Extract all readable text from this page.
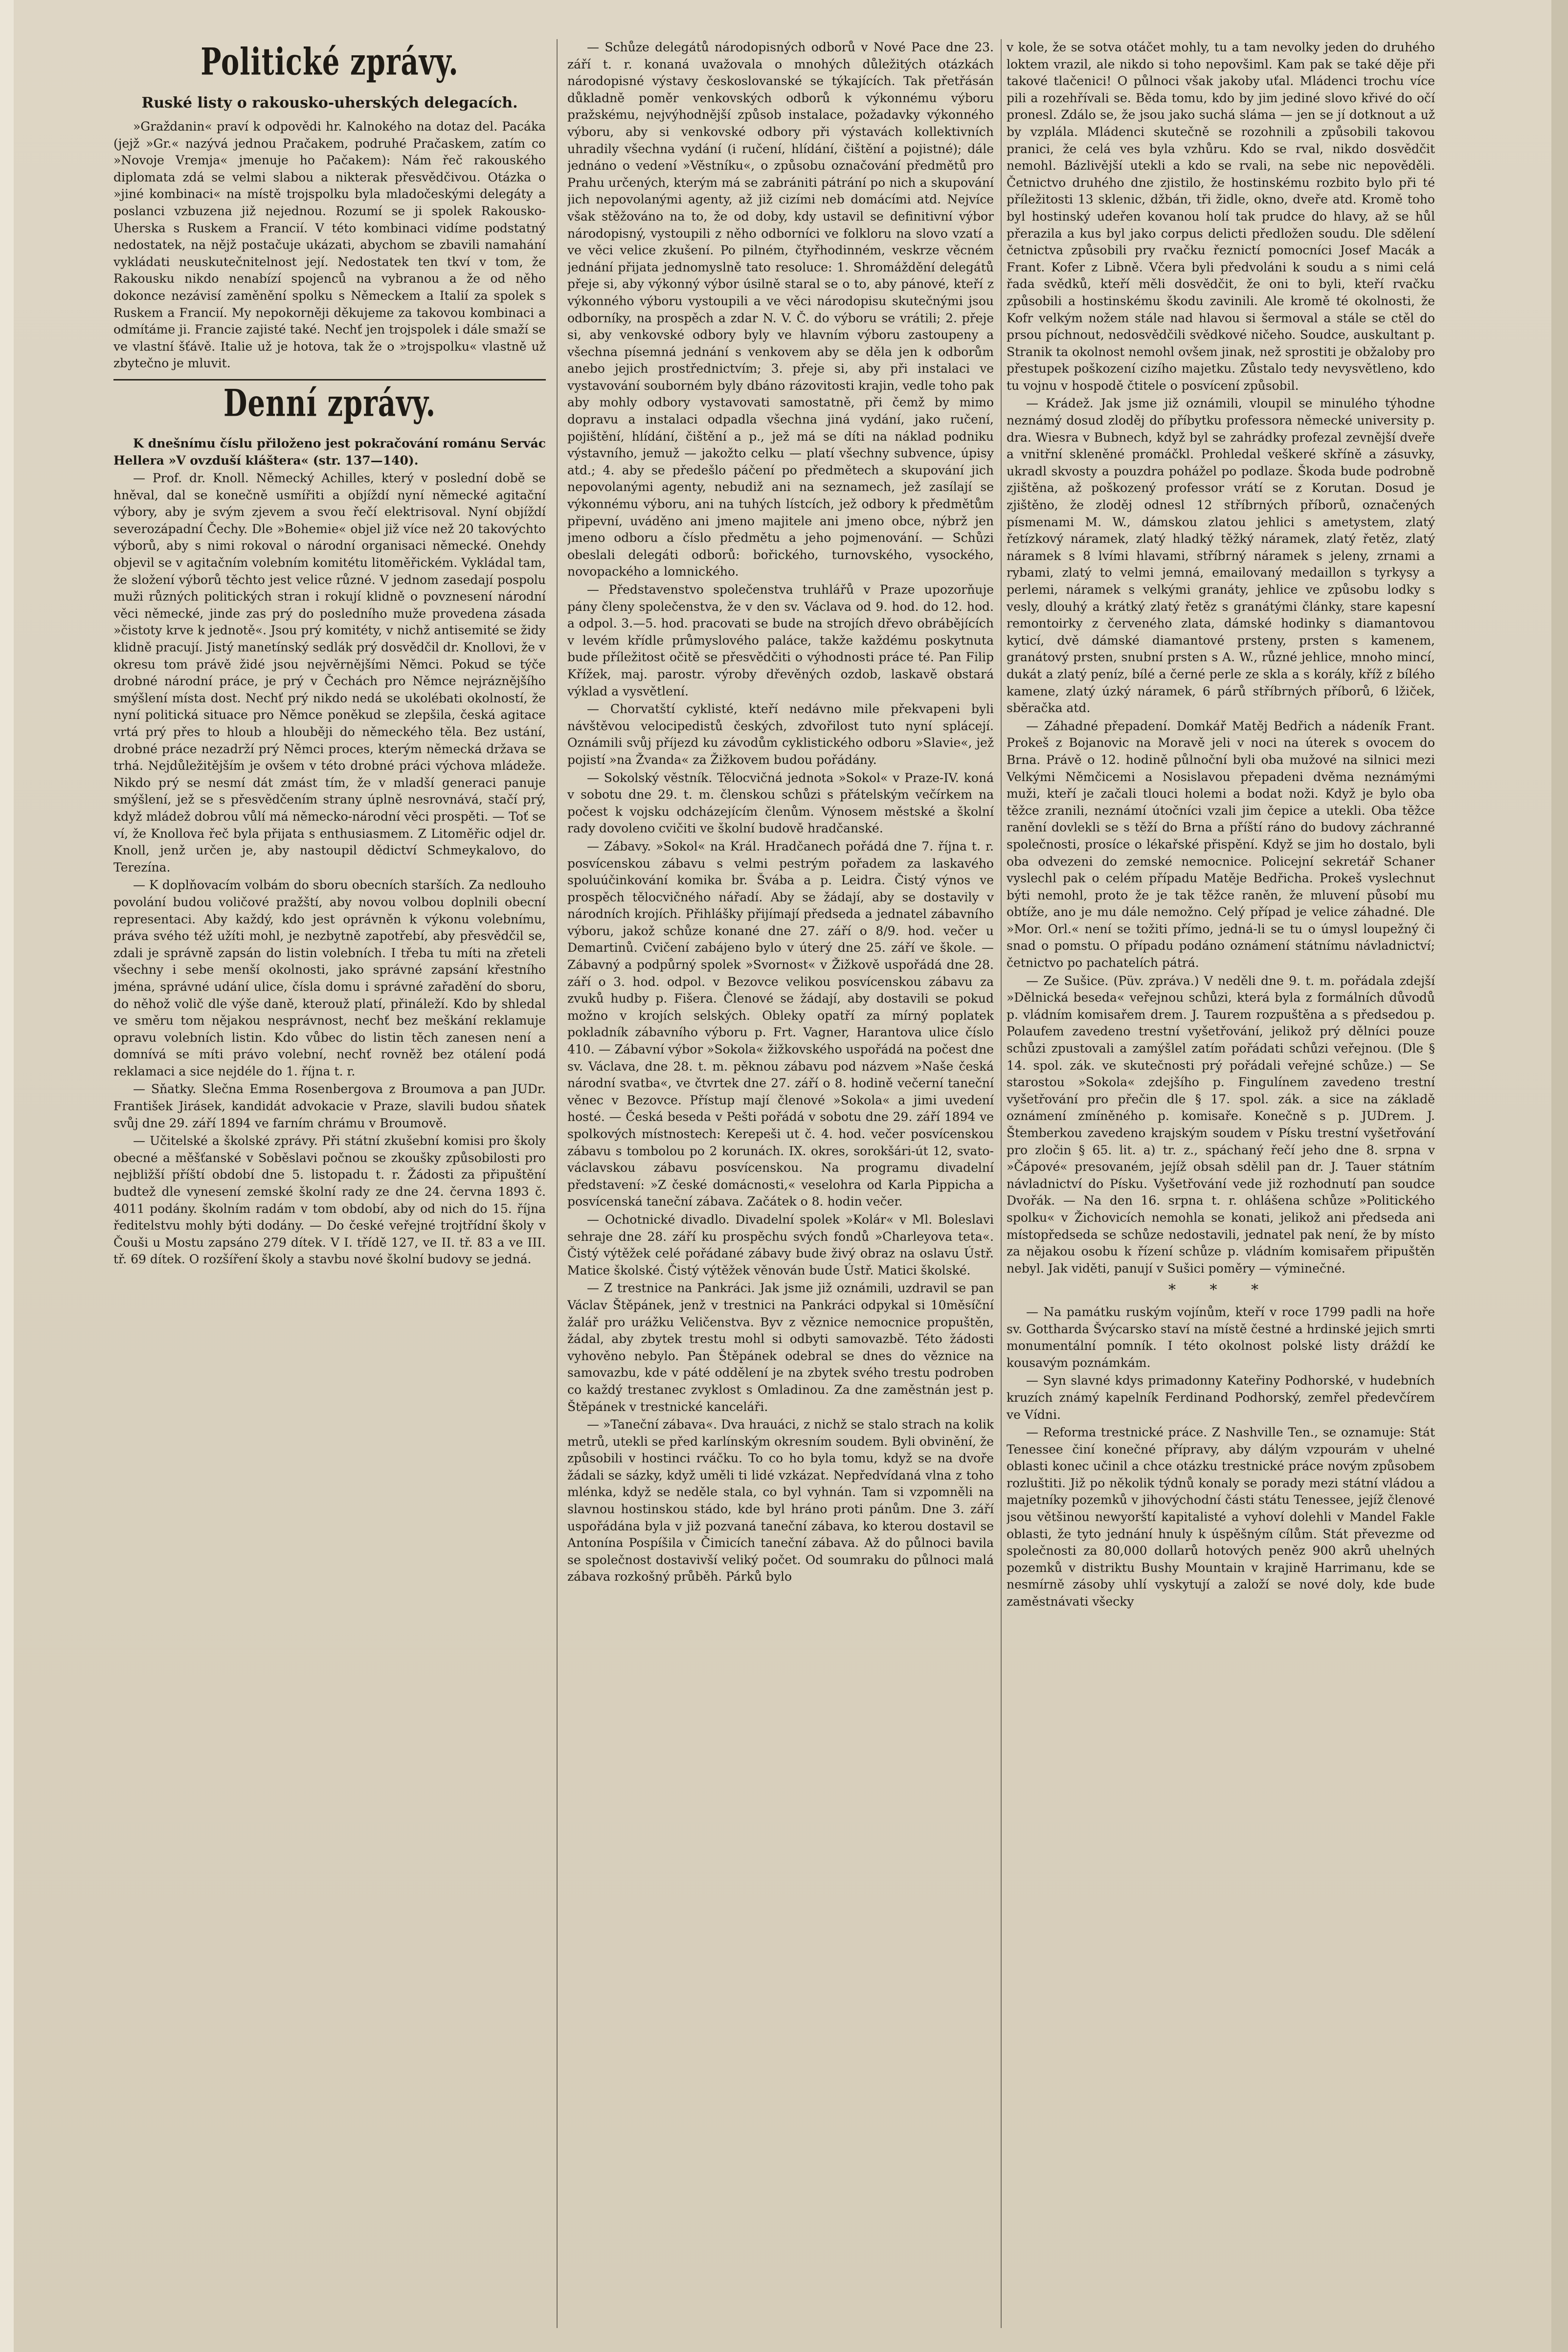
Politické zprávy.
Ruské listy o rakousko-uherských delegacích.

»Graždanin« praví k odpovědi hr. Kalnokého na dotaz del. Pacáka (jejž »Gr.« nazývá jednou Pračakem, podruhé Pračaskem, zatím co »Novoje Vremja« jmenuje ho Pačakem): Nám řeč rakouského diplomata zdá se velmi slabou a nikterak přesvědčivou. Otázka o »jiné kombinaci« na místě trojspolku byla mladočeskými delegáty a poslanci vzbuzena již nejednou. Rozumí se ji spolek Rakousko-Uherska s Ruskem a Francií. V této kombinaci vidíme podstatný nedostatek, na nějž postačuje ukázati, abychom se zbavili namahání vykládati neuskutečnitelnost její. Nedostatek ten tkví v tom, že Rakousku nikdo nenabízí spojenců na vybranou a že od něho dokonce nezávisí zaměnění spolku s Německem a Italií za spolek s Ruskem a Francií. My nepokorněji děkujeme za takovou kombinaci a odmítáme ji. Francie zajisté také. Nechť jen trojspolek i dále smaží se ve vlastní šťávě. Italie už je hotova, tak že o »trojspolku« vlastně už zbytečno je mluvit.

Denní zprávy.

K dnešnímu číslu přiloženo jest pokračování románu Servác Hellera »V ovzduší kláštera« (str. 137—140).

— Prof. dr. Knoll. Německý Achilles, který v poslední době se hněval, dal se konečně usmířiti a objíždí nyní německé agitační výbory, aby je svým zjevem a svou řečí elektrisoval. Nyní objíždí severozápadní Čechy. Dle »Bohemie« objel již více než 20 takovýchto výborů, aby s nimi rokoval o národní organisaci německé. Onehdy objevil se v agitačním volebním komitétu litoměřickém. Vykládal tam, že složení výborů těchto jest velice různé. V jednom zasedají pospolu muži různých politických stran i rokují klidně o povznesení národní věci německé, jinde zas prý do posledního muže provedena zásada »čistoty krve k jednotě«. Jsou prý komitéty, v nichž antisemité se židy klidně pracují. Jistý manetínský sedlák prý dosvědčil dr. Knollovi, že v okresu tom právě židé jsou nejvěrnějšími Němci. Pokud se týče drobné národní práce, je prý v Čechách pro Němce nejráznějšího smýšlení místa dost. Nechť prý nikdo nedá se ukolébati okolností, že nyní politická situace pro Němce poněkud se zlepšila, česká agitace vrtá prý přes to hloub a hlouběji do německého těla. Bez ustání, drobné práce nezadrží prý Němci proces, kterým německá država se trhá. Nejdůležitějším je ovšem v této drobné práci výchova mládeže. Nikdo prý se nesmí dát zmást tím, že v mladší generaci panuje smýšlení, jež se s přesvědčením strany úplně nesrovnává, stačí prý, když mládež dobrou vůlí má německo-národní věci prospěti. — Toť se ví, že Knollova řeč byla přijata s enthusiasmem. Z Litoměřic odjel dr. Knoll, jenž určen je, aby nastoupil dědictví Schmeykalovo, do Terezína.

— K doplňovacím volbám do sboru obecních starších. Za nedlouho povolání budou voličové pražští, aby novou volbou doplnili obecní representaci. Aby každý, kdo jest oprávněn k výkonu volebnímu, práva svého též užíti mohl, je nezbytně zapotřebí, aby přesvědčil se, zdali je správně zapsán do listin volebních. I třeba tu míti na zřeteli všechny i sebe menší okolnosti, jako správné zapsání křestního jména, správné udání ulice, čísla domu i správné zařadění do sboru, do něhož volič dle výše daně, kterouž platí, přináleží. Kdo by shledal ve směru tom nějakou nesprávnost, nechť bez meškání reklamuje opravu volebních listin. Kdo vůbec do listin těch zanesen není a domnívá se míti právo volební, nechť rovněž bez otálení podá reklamaci a sice nejdéle do 1. října t. r.

— Sňatky. Slečna Emma Rosenbergova z Broumova a pan JUDr. František Jirásek, kandidát advokacie v Praze, slavili budou sňatek svůj dne 29. září 1894 ve farním chrámu v Broumově.

— Učitelské a školské zprávy. Při státní zkušební komisi pro školy obecné a měšťanské v Soběslavi počnou se zkoušky způsobilosti pro nejbližší příští období dne 5. listopadu t. r. Žádosti za připuštění budtež dle vynesení zemské školní rady ze dne 24. června 1893 č. 4011 podány. školním radám v tom období, aby od nich do 15. října ředitelstvu mohly býti dodány. — Do české veřejné trojtřídní školy v Čouši u Mostu zapsáno 279 dítek. V I. třídě 127, ve II. tř. 83 a ve III. tř. 69 dítek. O rozšíření školy a stavbu nové školní budovy se jedná.

— Schůze delegátů národopisných odborů v Nové Pace dne 23. září t. r. konaná uvažovala o mnohých důležitých otázkách národopisné výstavy českoslovanské se týkajících. Tak přetřásán důkladně poměr venkovských odborů k výkonnému výboru pražskému, nejvýhodnější způsob instalace, požadavky výkonného výboru, aby si venkovské odbory při výstavách kollektivních uhradily všechna vydání (i ručení, hlídání, čištění a pojistné); dále jednáno o vedení »Věstníku«, o způsobu označování předmětů pro Prahu určených, kterým má se zabrániti pátrání po nich a skupování jich nepovolanými agenty, až již cizími neb domácími atd. Nejvíce však stěžováno na to, že od doby, kdy ustavil se definitivní výbor národopisný, vystoupili z něho odborníci ve folkloru na slovo vzatí a ve věci velice zkušení. Po pilném, čtyřhodinném, veskrze věcném jednání přijata jednomyslně tato resoluce: 1. Shromáždění delegátů přeje si, aby výkonný výbor úsilně staral se o to, aby pánové, kteří z výkonného výboru vystoupili a ve věci národopisu skutečnými jsou odborníky, na prospěch a zdar N. V. Č. do výboru se vrátili; 2. přeje si, aby venkovské odbory byly ve hlavním výboru zastoupeny a všechna písemná jednání s venkovem aby se děla jen k odborům anebo jejich prostřednictvím; 3. přeje si, aby při instalaci ve vystavování souborném byly dbáno rázovitosti krajin, vedle toho pak aby mohly odbory vystavovati samostatně, při čemž by mimo dopravu a instalaci odpadla všechna jiná vydání, jako ručení, pojištění, hlídání, čištění a p., jež má se díti na náklad podniku výstavního, jemuž — jakožto celku — platí všechny subvence, úpisy atd.; 4. aby se předešlo páčení po předmětech a skupování jich nepovolanými agenty, nebudiž ani na seznamech, jež zasílají se výkonnému výboru, ani na tuhých lístcích, jež odbory k předmětům připevní, uváděno ani jmeno majitele ani jmeno obce, nýbrž jen jmeno odboru a číslo předmětu a jeho pojmenování. — Schůzi obeslali delegáti odborů: bořického, turnovského, vysockého, novopackého a lomnického.

— Představenstvo společenstva truhlářů v Praze upozorňuje pány členy společenstva, že v den sv. Václava od 9. hod. do 12. hod. a odpol. 3.—5. hod. pracovati se bude na strojích dřevo obrábějících v levém křídle průmyslového paláce, takže každému poskytnuta bude příležitost očitě se přesvědčiti o výhodnosti práce té. Pan Filip Křížek, maj. parostr. výroby dřevěných ozdob, laskavě obstará výklad a vysvětlení.

— Chorvatští cyklisté, kteří nedávno mile překvapeni byli návštěvou velocipedistů českých, zdvořilost tuto nyní splácejí. Oznámili svůj příjezd ku závodům cyklistického odboru »Slavie«, jež pojistí »na Žvanda« za Žižkovem budou pořádány.

— Sokolský věstník. Tělocvičná jednota »Sokol« v Praze-IV. koná v sobotu dne 29. t. m. členskou schůzi s přátelským večírkem na počest k vojsku odcházejícím členům. Výnosem městské a školní rady dovoleno cvičiti ve školní budově hradčanské.

— Zábavy. »Sokol« na Král. Hradčanech pořádá dne 7. října t. r. posvícenskou zábavu s velmi pestrým pořadem za laskavého spoluúčinkování komika br. Švába a p. Leidra. Čistý výnos ve prospěch tělocvičného nářadí. Aby se žádají, aby se dostavily v národních krojích. Přihlášky přijímají předseda a jednatel zábavního výboru, jakož schůze konané dne 27. září o 8/9. hod. večer u Demartinů. Cvičení zabájeno bylo v úterý dne 25. září ve škole. — Zábavný a podpůrný spolek »Svornost« v Žižkově uspořádá dne 28. září o 3. hod. odpol. v Bezovce velikou posvícenskou zábavu za zvuků hudby p. Fišera. Členové se žádají, aby dostavili se pokud možno v krojích selských. Obleky opatří za mírný poplatek pokladník zábavního výboru p. Frt. Vagner, Harantova ulice číslo 410. — Zábavní výbor »Sokola« žižkovského uspořádá na počest dne sv. Václava, dne 28. t. m. pěknou zábavu pod názvem »Naše česká národní svatba«, ve čtvrtek dne 27. září o 8. hodině večerní taneční věnec v Bezovce. Přístup mají členové »Sokola« a jimi uvedení hosté. — Česká beseda v Pešti pořádá v sobotu dne 29. září 1894 ve spolkových místnostech: Kerepeši ut č. 4. hod. večer posvícenskou zábavu s tombolou po 2 korunách. IX. okres, sorokšári-út 12, svato-václavskou zábavu posvícenskou. Na programu divadelní představení: »Z české domácnosti,« veselohra od Karla Pippicha a posvícenská taneční zábava. Začátek o 8. hodin večer.

— Ochotnické divadlo. Divadelní spolek »Kolár« v Ml. Boleslavi sehraje dne 28. září ku prospěchu svých fondů »Charleyova teta«. Čistý výtěžek celé pořádané zábavy bude živý obraz na oslavu Ústř. Matice školské. Čistý výtěžek věnován bude Ústř. Matici školské.

— Z trestnice na Pankráci. Jak jsme již oznámili, uzdravil se pan Václav Štěpánek, jenž v trestnici na Pankráci odpykal si 10měsíční žalář pro urážku Veličenstva. Byv z věznice nemocnice propuštěn, žádal, aby zbytek trestu mohl si odbyti samovazbě. Této žádosti vyhověno nebylo. Pan Štěpánek odebral se dnes do věznice na samovazbu, kde v páté oddělení je na zbytek svého trestu podroben co každý trestanec zvyklost s Omladinou. Za dne zaměstnán jest p. Štěpánek v trestnické kanceláři.

— »Taneční zábava«. Dva hrauáci, z nichž se stalo strach na kolik metrů, utekli se před karlínským okresním soudem. Byli obvinění, že způsobili v hostinci rváčku. To co ho byla tomu, když se na dvoře žádali se sázky, když uměli ti lidé vzkázat. Nepředvídaná vlna z toho mlénka, když se neděle stala, co byl vyhnán. Tam si vzpomněli na slavnou hostinskou stádo, kde byl hráno proti pánům. Dne 3. září uspořádána byla v již pozvaná taneční zábava, ko kterou dostavil se Antonína Pospíšila v Čimicích taneční zábava. Až do půlnoci bavila se společnost dostavivší veliký počet. Od soumraku do půlnoci malá zábava rozkošný průběh. Párků bylo

v kole, že se sotva otáčet mohly, tu a tam nevolky jeden do druhého loktem vrazil, ale nikdo si toho nepovšiml. Kam pak se také děje při takové tlačenici! O půlnoci však jakoby uťal. Mládenci trochu více pili a rozehřívali se. Běda tomu, kdo by jim jediné slovo křivé do očí pronesl. Zdálo se, že jsou jako suchá sláma — jen se jí dotknout a už by vzplála. Mládenci skutečně se rozohnili a způsobili takovou pranici, že celá ves byla vzhůru. Kdo se rval, nikdo dosvědčit nemohl. Bázlivější utekli a kdo se rvali, na sebe nic nepověděli. Četnictvo druhého dne zjistilo, že hostinskému rozbito bylo při té příležitosti 13 sklenic, džbán, tři židle, okno, dveře atd. Kromě toho byl hostinský udeřen kovanou holí tak prudce do hlavy, až se hůl přerazila a kus byl jako corpus delicti předložen soudu. Dle sdělení četnictva způsobili pry rvačku řeznictí pomocníci Josef Macák a Frant. Kofer z Libně. Včera byli předvoláni k soudu a s nimi celá řada svědků, kteří měli dosvědčit, že oni to byli, kteří rvačku způsobili a hostinskému škodu zavinili. Ale kromě té okolnosti, že Kofr velkým nožem stále nad hlavou si šermoval a stále se ctěl do prsou píchnout, nedosvědčili svědkové ničeho. Soudce, auskultant p. Stranik ta okolnost nemohl ovšem jinak, než sprostiti je obžaloby pro přestupek poškození cizího majetku. Zůstalo tedy nevysvětleno, kdo tu vojnu v hospodě čtitele o posvícení způsobil.

— Krádež. Jak jsme již oznámili, vloupil se minulého týhodne neznámý dosud zloděj do příbytku professora německé university p. dra. Wiesra v Bubnech, když byl se zahrádky profezal zevnější dveře a vnitřní skleněné promáčkl. Prohledal veškeré skříně a zásuvky, ukradl skvosty a pouzdra pohážel po podlaze. Škoda bude podrobně zjištěna, až poškozený professor vrátí se z Korutan. Dosud je zjištěno, že zloděj odnesl 12 stříbrných příborů, označených písmenami M. W., dámskou zlatou jehlici s ametystem, zlatý řetízkový náramek, zlatý hladký těžký náramek, zlatý řetěz, zlatý náramek s 8 lvími hlavami, stříbrný náramek s jeleny, zrnami a rybami, zlatý to velmi jemná, emailovaný medaillon s tyrkysy a perlemi, náramek s velkými granáty, jehlice ve způsobu lodky s vesly, dlouhý a krátký zlatý řetěz s granátými články, stare kapesní remontoirky z červeného zlata, dámské hodinky s diamantovou kyticí, dvě dámské diamantové prsteny, prsten s kamenem, granátový prsten, snubní prsten s A. W., různé jehlice, mnoho mincí, dukát a zlatý peníz, bílé a černé perle ze skla a s korály, kříž z bílého kamene, zlatý úzký náramek, 6 párů stříbrných příborů, 6 lžiček, sběračka atd.

— Záhadné přepadení. Domkář Matěj Bedřich a nádeník Frant. Prokeš z Bojanovic na Moravě jeli v noci na úterek s ovocem do Brna. Právě o 12. hodině půlnoční byli oba mužové na silnici mezi Velkými Němčicemi a Nosislavou přepadeni dvěma neznámými muži, kteří je začali tlouci holemi a bodat noži. Když je bylo oba těžce zranili, neznámí útočníci vzali jim čepice a utekli. Oba těžce ranění dovlekli se s těží do Brna a příští ráno do budovy záchranné společnosti, prosíce o lékařské přispění. Když se jim ho dostalo, byli oba odvezeni do zemské nemocnice. Policejní sekretář Schaner vyslechl pak o celém případu Matěje Bedřicha. Prokeš vyslechnut býti nemohl, proto že je tak těžce raněn, že mluvení působí mu obtíže, ano je mu dále nemožno. Celý případ je velice záhadné. Dle »Mor. Orl.« není se tožiti přímo, jedná-li se tu o úmysl loupežný či snad o pomstu. O případu podáno oznámení státnímu návladnictví; četnictvo po pachatelích pátrá.

— Ze Sušice. (Püv. zpráva.) V neděli dne 9. t. m. pořádala zdejší »Dělnická beseda« veřejnou schůzi, která byla z formálních důvodů p. vládním komisařem drem. J. Taurem rozpuštěna a s předsedou p. Polaufem zavedeno trestní vyšetřování, jelikož prý dělníci pouze schůzi zpustovali a zamýšlel zatím pořádati schůzi veřejnou. (Dle § 14. spol. zák. ve skutečnosti prý pořádali veřejné schůze.) — Se starostou »Sokola« zdejšího p. Fingulínem zavedeno trestní vyšetřování pro přečin dle § 17. spol. zák. a sice na základě oznámení zmíněného p. komisaře. Konečně s p. JUDrem. J. Štemberkou zavedeno krajským soudem v Písku trestní vyšetřování pro zločin § 65. lit. a) tr. z., spáchaný řečí jeho dne 8. srpna v »Čápové« presovaném, jejíž obsah sdělil pan dr. J. Tauer státním návladnictví do Písku. Vyšetřování vede již rozhodnutí pan soudce Dvořák. — Na den 16. srpna t. r. ohlášena schůze »Politického spolku« v Žichovicích nemohla se konati, jelikož ani předseda ani místopředseda se schůze nedostavili, jednatel pak není, že by místo za nějakou osobu k řízení schůze p. vládním komisařem připuštěn nebyl. Jak viděti, panují v Sušici poměry — výminečné.

* * *

— Na památku ruským vojínům, kteří v roce 1799 padli na hoře sv. Gottharda Švýcarsko staví na místě čestné a hrdinské jejich smrti monumentální pomník. I této okolnost polské listy dráždí ke kousavým poznámkám.

— Syn slavné kdys primadonny Kateřiny Podhorské, v hudebních kruzích známý kapelník Ferdinand Podhorský, zemřel předevčírem ve Vídni.

— Reforma trestnické práce. Z Nashville Ten., se oznamuje: Stát Tenessee činí konečné přípravy, aby dálým vzpourám v uhelné oblasti konec učinil a chce otázku trestnické práce novým způsobem rozluštiti. Již po několik týdnů konaly se porady mezi státní vládou a majetníky pozemků v jihovýchodní části státu Tenessee, jejíž členové jsou většinou newyorští kapitalisté a vyhoví dolehli v Mandel Fakle oblasti, že tyto jednání hnuly k úspěšným cílům. Stát převezme od společnosti za 80,000 dollarů hotových peněz 900 akrů uhelných pozemků v distriktu Bushy Mountain v krajině Harrimanu, kde se nesmírně zásoby uhlí vyskytují a založí se nové doly, kde bude zaměstnávati všecky
